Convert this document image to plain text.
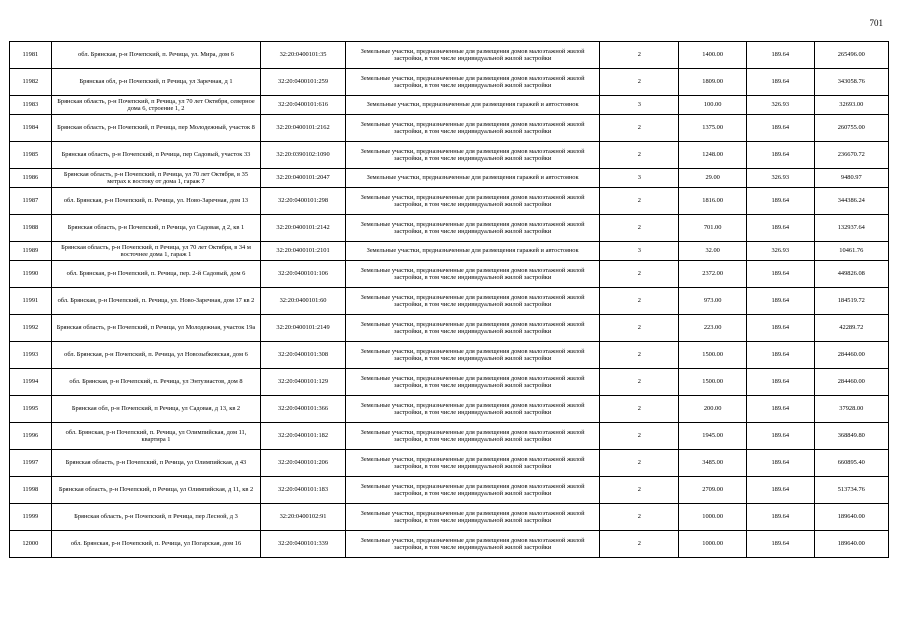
701
11981	обл. Брянская, р-н Почепский, п. Речица, ул. Мира, дом 6	32:20:0400101:35	Земельные участки, предназначенные для размещения домов малоэтажной жилой застройки, в том числе индивидуальной жилой застройки	2	1400.00	189.64	265496.00
11982	Брянская обл, р-н Почепский, п Речица, ул Заречная, д 1	32:20:0400101:259	Земельные участки, предназначенные для размещения домов малоэтажной жилой застройки, в том числе индивидуальной жилой застройки	2	1809.00	189.64	343058.76
11983	Брянская область, р-н Почепский, п Речица, ул 70 лет Октября, северное дома 6, строение 1, 2	32:20:0400101:616	Земельные участки, предназначенные для размещения гаражей и автостоянок	3	100.00	326.93	32693.00
11984	Брянская область, р-н Почепский, п Речица, пер Молодежный, участок 8	32:20:0400101:2162	Земельные участки, предназначенные для размещения домов малоэтажной жилой застройки, в том числе индивидуальной жилой застройки	2	1375.00	189.64	260755.00
11985	Брянская область, р-н Почепский, п Речица, пер Садовый, участок 33	32:20:0390102:1090	Земельные участки, предназначенные для размещения домов малоэтажной жилой застройки, в том числе индивидуальной жилой застройки	2	1248.00	189.64	236670.72
11986	Брянская область, р-н Почепский, п Речица, ул 70 лет Октября, в 35 метрах к востоку от дома 1, гараж 7	32:20:0400101:2047	Земельные участки, предназначенные для размещения гаражей и автостоянок	3	29.00	326.93	9480.97
11987	обл. Брянская, р-н Почепский, п. Речица, ул. Ново-Заречная, дом 13	32:20:0400101:298	Земельные участки, предназначенные для размещения домов малоэтажной жилой застройки, в том числе индивидуальной жилой застройки	2	1816.00	189.64	344386.24
11988	Брянская область, р-н Почепский, п Речица, ул Садовая, д 2, кв 1	32:20:0400101:2142	Земельные участки, предназначенные для размещения домов малоэтажной жилой застройки, в том числе индивидуальной жилой застройки	2	701.00	189.64	132937.64
11989	Брянская область, р-н Почепский, п Речица, ул 70 лет Октября, в 34 м восточнее дома 1, гараж 1	32:20:0400101:2101	Земельные участки, предназначенные для размещения гаражей и автостоянок	3	32.00	326.93	10461.76
11990	обл. Брянская, р-н Почепский, п. Речица, пер. 2-й Садовый, дом 6	32:20:0400101:106	Земельные участки, предназначенные для размещения домов малоэтажной жилой застройки, в том числе индивидуальной жилой застройки	2	2372.00	189.64	449826.08
11991	обл. Брянская, р-н Почепский, п. Речица, ул. Ново-Заречная, дом 17 кв 2	32:20:0400101:60	Земельные участки, предназначенные для размещения домов малоэтажной жилой застройки, в том числе индивидуальной жилой застройки	2	973.00	189.64	184519.72
11992	Брянская область, р-н Почепский, п Речица, ул Молодежная, участок 19а	32:20:0400101:2149	Земельные участки, предназначенные для размещения домов малоэтажной жилой застройки, в том числе индивидуальной жилой застройки	2	223.00	189.64	42289.72
11993	обл. Брянская, р-н Почепский, п. Речица, ул Новозыбковская, дом 6	32:20:0400101:308	Земельные участки, предназначенные для размещения домов малоэтажной жилой застройки, в том числе индивидуальной жилой застройки	2	1500.00	189.64	284460.00
11994	обл. Брянская, р-н Почепский, п. Речица, ул Энтузиастов, дом 8	32:20:0400101:129	Земельные участки, предназначенные для размещения домов малоэтажной жилой застройки, в том числе индивидуальной жилой застройки	2	1500.00	189.64	284460.00
11995	Брянская обл, р-н Почепский, п Речица, ул Садовая, д 13, кв 2	32:20:0400101:366	Земельные участки, предназначенные для размещения домов малоэтажной жилой застройки, в том числе индивидуальной жилой застройки	2	200.00	189.64	37928.00
11996	обл. Брянская, р-н Почепский, п. Речица, ул Олимпийская, дом 11, квартира 1	32:20:0400101:182	Земельные участки, предназначенные для размещения домов малоэтажной жилой застройки, в том числе индивидуальной жилой застройки	2	1945.00	189.64	368849.80
11997	Брянская область, р-н Почепский, п Речица, ул Олимпийская, д 43	32:20:0400101:206	Земельные участки, предназначенные для размещения домов малоэтажной жилой застройки, в том числе индивидуальной жилой застройки	2	3485.00	189.64	660895.40
11998	Брянская область, р-н Почепский, п Речица, ул Олимпийская, д 11, кв 2	32:20:0400101:183	Земельные участки, предназначенные для размещения домов малоэтажной жилой застройки, в том числе индивидуальной жилой застройки	2	2709.00	189.64	513734.76
11999	Брянская область, р-н Почепский, п Речица, пер Лесной, д 3	32:20:0400102:91	Земельные участки, предназначенные для размещения домов малоэтажной жилой застройки, в том числе индивидуальной жилой застройки	2	1000.00	189.64	189640.00
12000	обл. Брянская, р-н Почепский, п. Речица, ул Погарская, дом 16	32:20:0400101:339	Земельные участки, предназначенные для размещения домов малоэтажной жилой застройки, в том числе индивидуальной жилой застройки	2	1000.00	189.64	189640.00
